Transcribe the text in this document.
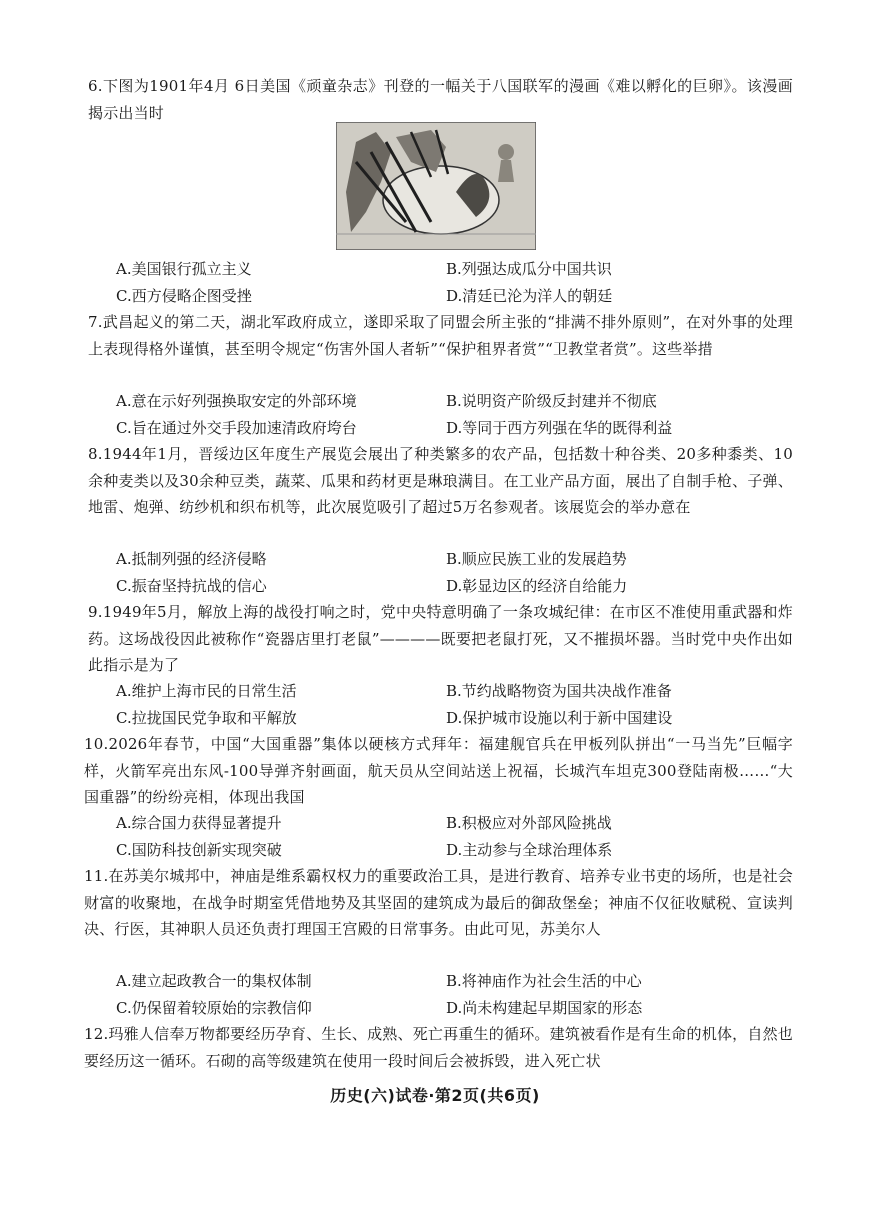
6.下图为1901年4月 6日美国《顽童杂志》刊登的一幅关于八国联军的漫画《难以孵化的巨卵》。该漫画揭示出当时
A.美国银行孤立主义	B.列强达成瓜分中国共识
C.西方侵略企图受挫	D.清廷已沦为洋人的朝廷
7.武昌起义的第二天，湖北军政府成立，遂即采取了同盟会所主张的“排满不排外原则”，在对外事的处理上表现得格外谨慎，甚至明令规定“伤害外国人者斩”“保护租界者赏”“卫教堂者赏”。这些举措
A.意在示好列强换取安定的外部环境	B.说明资产阶级反封建并不彻底
C.旨在通过外交手段加速清政府垮台	D.等同于西方列强在华的既得利益
8.1944年1月，晋绥边区年度生产展览会展出了种类繁多的农产品，包括数十种谷类、20多种黍类、10余种麦类以及30余种豆类，蔬菜、瓜果和药材更是琳琅满目。在工业产品方面，展出了自制手枪、子弹、地雷、炮弹、纺纱机和织布机等，此次展览吸引了超过5万名参观者。该展览会的举办意在
A.抵制列强的经济侵略	B.顺应民族工业的发展趋势
C.振奋坚持抗战的信心	D.彰显边区的经济自给能力
9.1949年5月，解放上海的战役打响之时，党中央特意明确了一条攻城纪律：在市区不准使用重武器和炸药。这场战役因此被称作“瓷器店里打老鼠”————既要把老鼠打死，又不摧损坏器。当时党中央作出如此指示是为了
A.维护上海市民的日常生活	B.节约战略物资为国共决战作准备
C.拉拢国民党争取和平解放	D.保护城市设施以利于新中国建设
10.2026年春节，中国“大国重器”集体以硬核方式拜年：福建舰官兵在甲板列队拼出“一马当先”巨幅字样，火箭军亮出东风-100导弹齐射画面，航天员从空间站送上祝福，长城汽车坦克300登陆南极……“大国重器”的纷纷亮相，体现出我国
A.综合国力获得显著提升	B.积极应对外部风险挑战
C.国防科技创新实现突破	D.主动参与全球治理体系
11.在苏美尔城邦中，神庙是维系霸权权力的重要政治工具，是进行教育、培养专业书吏的场所，也是社会财富的收聚地，在战争时期室凭借地势及其坚固的建筑成为最后的御敌堡垒；神庙不仅征收赋税、宣读判决、行医，其神职人员还负责打理国王宫殿的日常事务。由此可见，苏美尔人
A.建立起政教合一的集权体制	B.将神庙作为社会生活的中心
C.仍保留着较原始的宗教信仰	D.尚未构建起早期国家的形态
12.玛雅人信奉万物都要经历孕育、生长、成熟、死亡再重生的循环。建筑被看作是有生命的机体，自然也要经历这一循环。石砌的高等级建筑在使用一段时间后会被拆毁，进入死亡状
历史(六)试卷·第2页(共6页)
